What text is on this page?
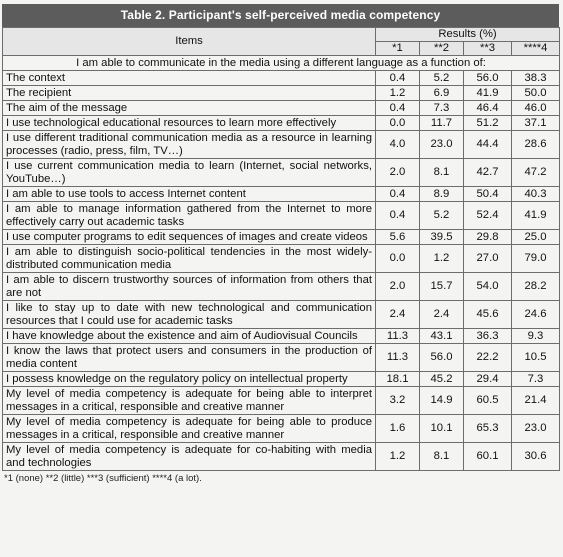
Table 2. Participant's self-perceived media competency
Items	Results (%)			
	*1	**2	**3	****4
I am able to communicate in the media using a different language as a function of:				
The context	0.4	5.2	56.0	38.3
The recipient	1.2	6.9	41.9	50.0
The aim of the message	0.4	7.3	46.4	46.0
I use technological educational resources to learn more effectively	0.0	11.7	51.2	37.1
I use different traditional communication media as a resource in learning processes (radio, press, film, TV…)	4.0	23.0	44.4	28.6
I use current communication media to learn (Internet, social networks, YouTube…)	2.0	8.1	42.7	47.2
I am able to use tools to access Internet content	0.4	8.9	50.4	40.3
I am able to manage information gathered from the Internet to more effectively carry out academic tasks	0.4	5.2	52.4	41.9
I use computer programs to edit sequences of images and create videos	5.6	39.5	29.8	25.0
I am able to distinguish socio-political tendencies in the most widely-distributed communication media	0.0	1.2	27.0	79.0
I am able to discern trustworthy sources of information from others that are not	2.0	15.7	54.0	28.2
I like to stay up to date with new technological and communication resources that I could use for academic tasks	2.4	2.4	45.6	24.6
I have knowledge about the existence and aim of Audiovisual Councils	11.3	43.1	36.3	9.3
I know the laws that protect users and consumers in the production of media content	11.3	56.0	22.2	10.5
I possess knowledge on the regulatory policy on intellectual property	18.1	45.2	29.4	7.3
My level of media competency is adequate for being able to interpret messages in a critical, responsible and creative manner	3.2	14.9	60.5	21.4
My level of media competency is adequate for being able to produce messages in a critical, responsible and creative manner	1.6	10.1	65.3	23.0
My level of media competency is adequate for co-habiting with media and technologies	1.2	8.1	60.1	30.6
*1 (none) **2 (little) ***3 (sufficient) ****4 (a lot).
